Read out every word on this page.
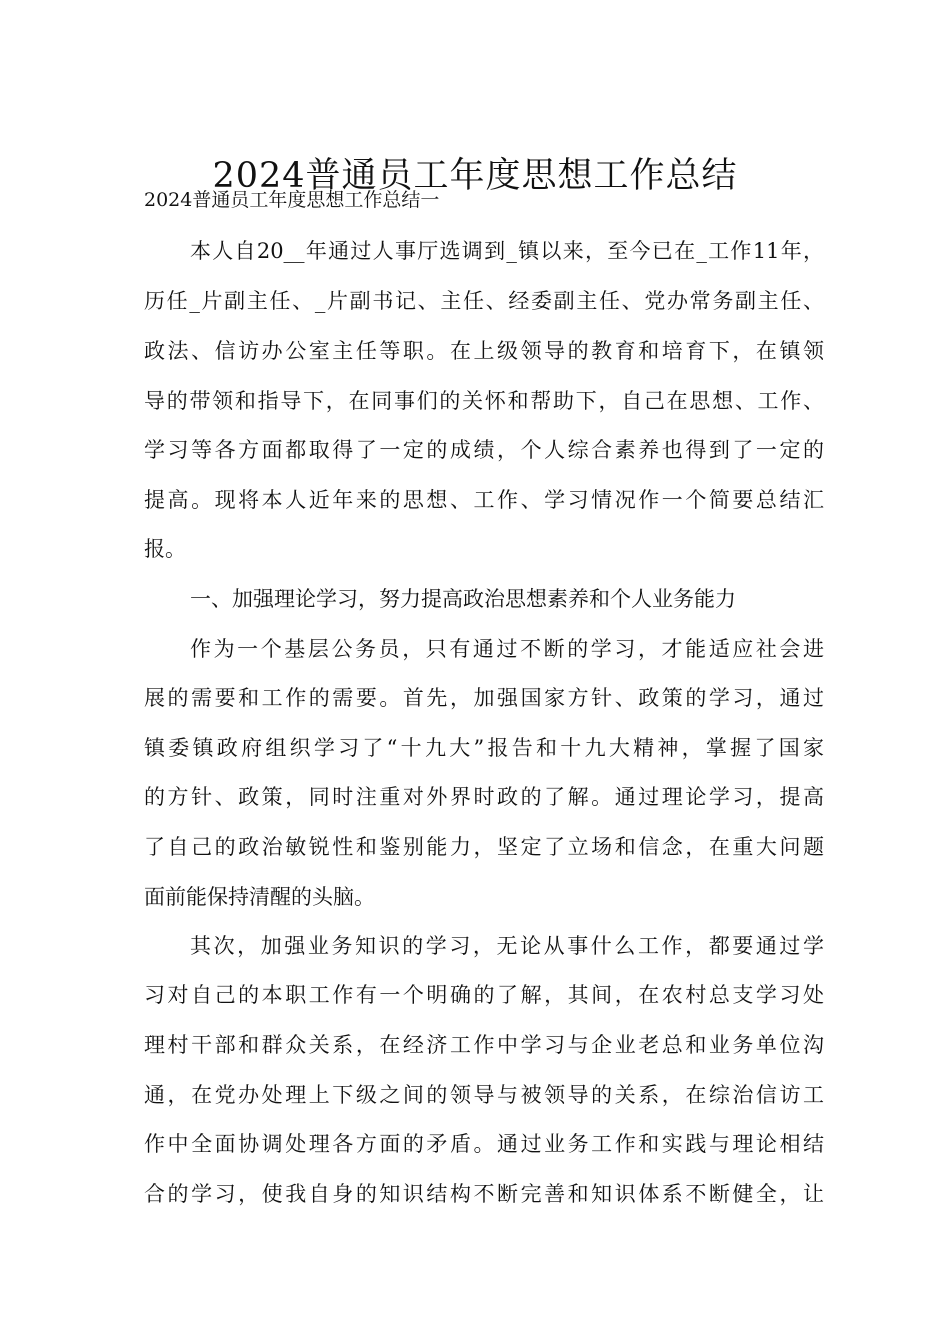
2024普通员工年度思想工作总结
2024普通员工年度思想工作总结一
本人自20__年通过人事厅选调到_镇以来，至今已在_工作11年，
历任_片副主任、_片副书记、主任、经委副主任、党办常务副主任、
政法、信访办公室主任等职。在上级领导的教育和培育下，在镇领
导的带领和指导下，在同事们的关怀和帮助下，自己在思想、工作、
学习等各方面都取得了一定的成绩，个人综合素养也得到了一定的
提高。现将本人近年来的思想、工作、学习情况作一个简要总结汇
报。
一、加强理论学习，努力提高政治思想素养和个人业务能力
作为一个基层公务员，只有通过不断的学习，才能适应社会进
展的需要和工作的需要。首先，加强国家方针、政策的学习，通过
镇委镇政府组织学习了“十九大”报告和十九大精神，掌握了国家
的方针、政策，同时注重对外界时政的了解。通过理论学习，提高
了自己的政治敏锐性和鉴别能力，坚定了立场和信念，在重大问题
面前能保持清醒的头脑。
其次，加强业务知识的学习，无论从事什么工作，都要通过学
习对自己的本职工作有一个明确的了解，其间，在农村总支学习处
理村干部和群众关系，在经济工作中学习与企业老总和业务单位沟
通，在党办处理上下级之间的领导与被领导的关系，在综治信访工
作中全面协调处理各方面的矛盾。通过业务工作和实践与理论相结
合的学习，使我自身的知识结构不断完善和知识体系不断健全，让
